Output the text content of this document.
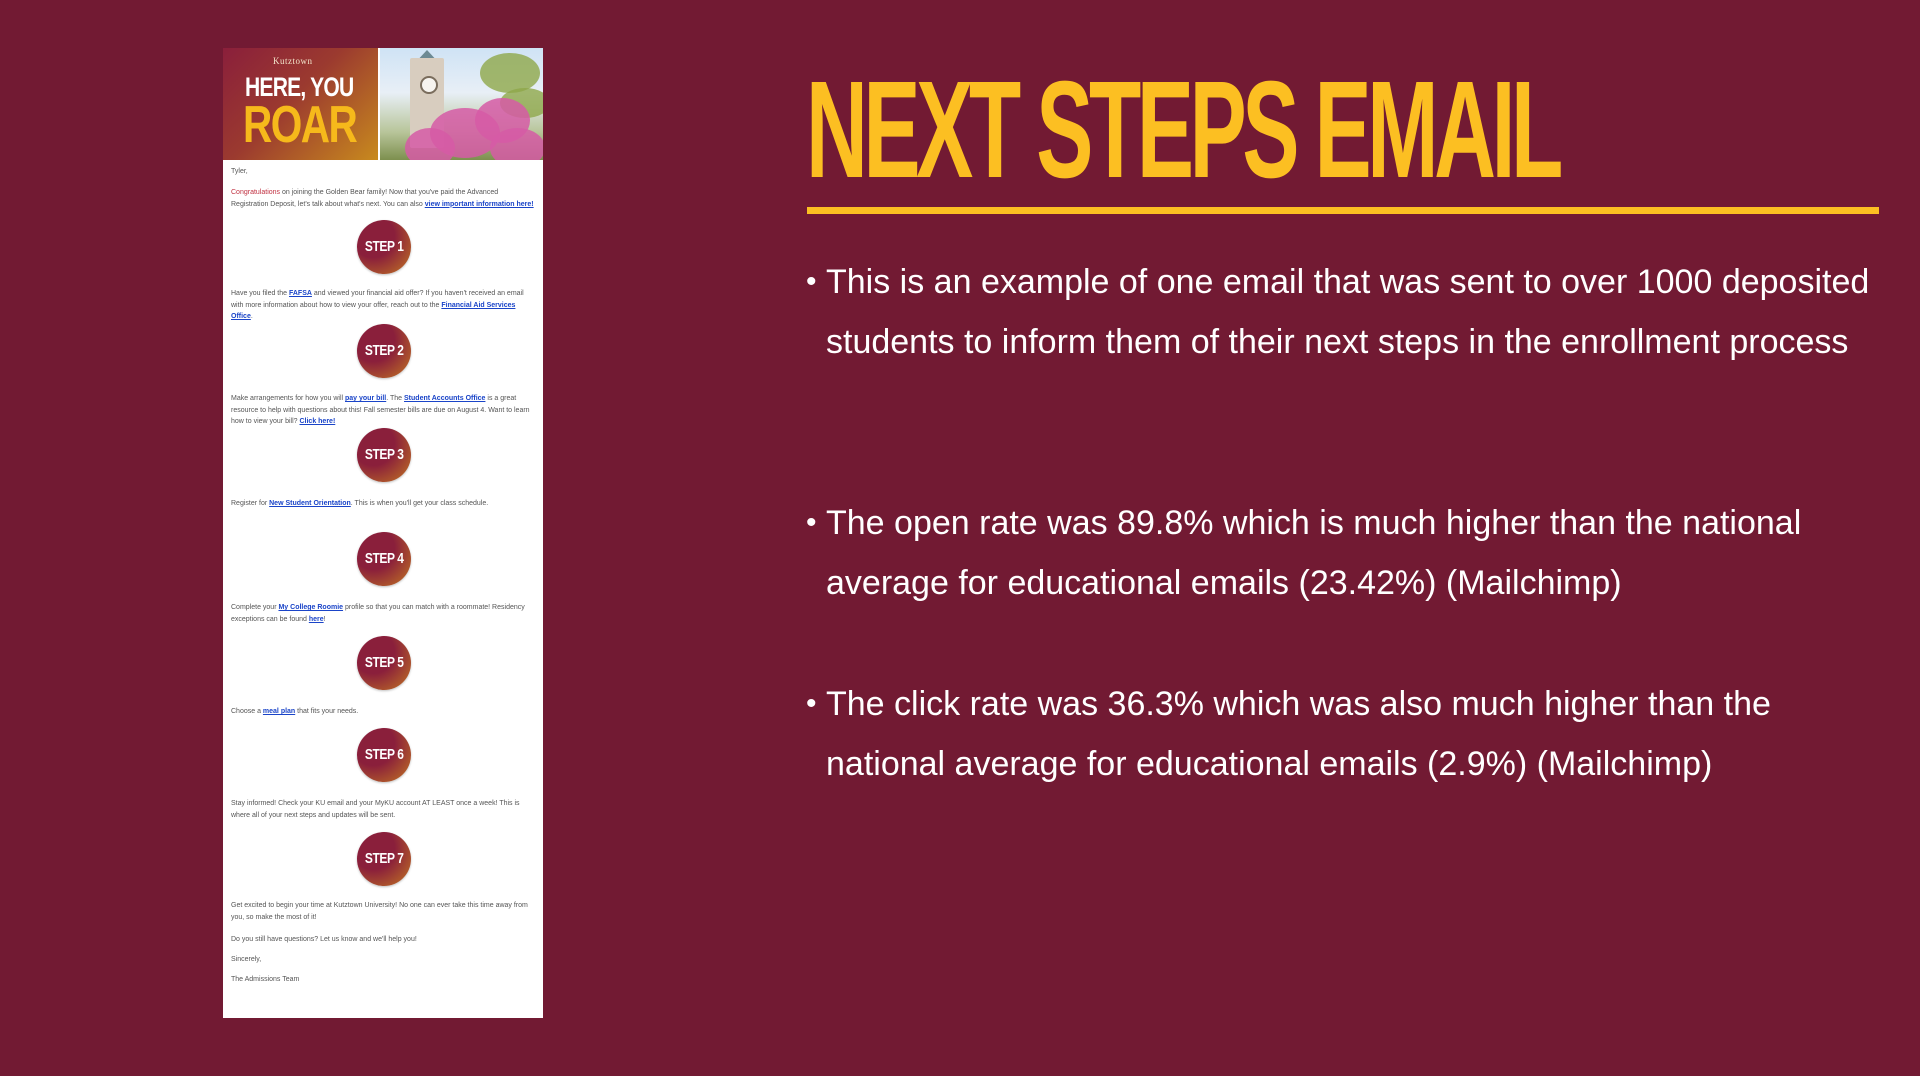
Kutztown
HERE, YOU
ROAR

Tyler,

Congratulations on joining the Golden Bear family! Now that you've paid the Advanced Registration Deposit, let's talk about what's next. You can also view important information here!

STEP 1

Have you filed the FAFSA and viewed your financial aid offer? If you haven't received an email with more information about how to view your offer, reach out to the Financial Aid Services Office.

STEP 2

Make arrangements for how you will pay your bill. The Student Accounts Office is a great resource to help with questions about this! Fall semester bills are due on August 4. Want to learn how to view your bill? Click here!

STEP 3

Register for New Student Orientation. This is when you'll get your class schedule.

STEP 4

Complete your My College Roomie profile so that you can match with a roommate! Residency exceptions can be found here!

STEP 5

Choose a meal plan that fits your needs.

STEP 6

Stay informed! Check your KU email and your MyKU account AT LEAST once a week! This is where all of your next steps and updates will be sent.

STEP 7

Get excited to begin your time at Kutztown University! No one can ever take this time away from you, so make the most of it!

Do you still have questions? Let us know and we'll help you!

Sincerely,

The Admissions Team

NEXT STEPS EMAIL
• This is an example of one email that was sent to over 1000 deposited students to inform them of their next steps in the enrollment process
• The open rate was 89.8% which is much higher than the national average for educational emails (23.42%) (Mailchimp)
• The click rate was 36.3% which was also much higher than the national average for educational emails (2.9%) (Mailchimp)
